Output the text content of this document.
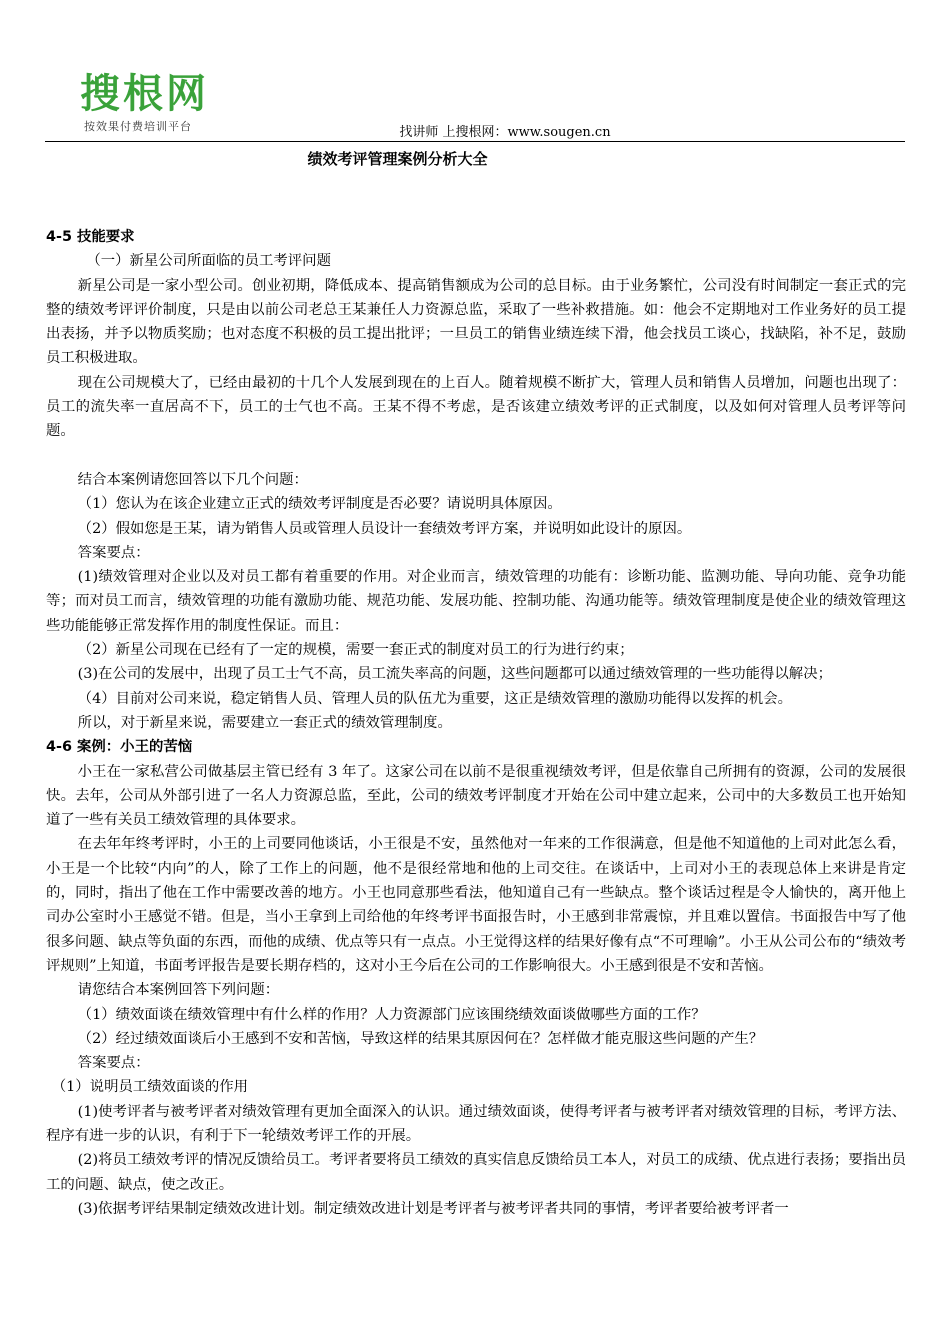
搜根网
按效果付费培训平台	找讲师 上搜根网：www.sougen.cn
绩效考评管理案例分析大全

4-5 技能要求

（一）新星公司所面临的员工考评问题

新星公司是一家小型公司。创业初期，降低成本、提高销售额成为公司的总目标。由于业务繁忙，公司没有时间制定一套正式的完整的绩效考评评价制度，只是由以前公司老总王某兼任人力资源总监，采取了一些补救措施。如：他会不定期地对工作业务好的员工提出表扬，并予以物质奖励；也对态度不积极的员工提出批评；一旦员工的销售业绩连续下滑，他会找员工谈心，找缺陷，补不足，鼓励员工积极进取。

现在公司规模大了，已经由最初的十几个人发展到现在的上百人。随着规模不断扩大，管理人员和销售人员增加，问题也出现了：员工的流失率一直居高不下，员工的士气也不高。王某不得不考虑，是否该建立绩效考评的正式制度，以及如何对管理人员考评等问题。

结合本案例请您回答以下几个问题：

（1）您认为在该企业建立正式的绩效考评制度是否必要？请说明具体原因。

（2）假如您是王某，请为销售人员或管理人员设计一套绩效考评方案，并说明如此设计的原因。

答案要点：

(1)绩效管理对企业以及对员工都有着重要的作用。对企业而言，绩效管理的功能有：诊断功能、监测功能、导向功能、竞争功能等；而对员工而言，绩效管理的功能有激励功能、规范功能、发展功能、控制功能、沟通功能等。绩效管理制度是使企业的绩效管理这些功能能够正常发挥作用的制度性保证。而且：

（2）新星公司现在已经有了一定的规模，需要一套正式的制度对员工的行为进行约束；

(3)在公司的发展中，出现了员工士气不高，员工流失率高的问题，这些问题都可以通过绩效管理的一些功能得以解决；

（4）目前对公司来说，稳定销售人员、管理人员的队伍尤为重要，这正是绩效管理的激励功能得以发挥的机会。

所以，对于新星来说，需要建立一套正式的绩效管理制度。

4-6 案例：小王的苦恼

小王在一家私营公司做基层主管已经有 3 年了。这家公司在以前不是很重视绩效考评，但是依靠自己所拥有的资源，公司的发展很快。去年，公司从外部引进了一名人力资源总监，至此，公司的绩效考评制度才开始在公司中建立起来，公司中的大多数员工也开始知道了一些有关员工绩效管理的具体要求。

在去年年终考评时，小王的上司要同他谈话，小王很是不安，虽然他对一年来的工作很满意，但是他不知道他的上司对此怎么看，小王是一个比较“内向”的人，除了工作上的问题，他不是很经常地和他的上司交往。在谈话中，上司对小王的表现总体上来讲是肯定的，同时，指出了他在工作中需要改善的地方。小王也同意那些看法，他知道自己有一些缺点。整个谈话过程是令人愉快的，离开他上司办公室时小王感觉不错。但是，当小王拿到上司给他的年终考评书面报告时，小王感到非常震惊，并且难以置信。书面报告中写了他很多问题、缺点等负面的东西，而他的成绩、优点等只有一点点。小王觉得这样的结果好像有点“不可理喻”。小王从公司公布的“绩效考评规则”上知道，书面考评报告是要长期存档的，这对小王今后在公司的工作影响很大。小王感到很是不安和苦恼。

请您结合本案例回答下列问题：

（1）绩效面谈在绩效管理中有什么样的作用？人力资源部门应该围绕绩效面谈做哪些方面的工作？

（2）经过绩效面谈后小王感到不安和苦恼，导致这样的结果其原因何在？怎样做才能克服这些问题的产生？

答案要点：

（1）说明员工绩效面谈的作用

(1)使考评者与被考评者对绩效管理有更加全面深入的认识。通过绩效面谈，使得考评者与被考评者对绩效管理的目标，考评方法、程序有进一步的认识，有利于下一轮绩效考评工作的开展。

(2)将员工绩效考评的情况反馈给员工。考评者要将员工绩效的真实信息反馈给员工本人，对员工的成绩、优点进行表扬；要指出员工的问题、缺点，使之改正。

(3)依据考评结果制定绩效改进计划。制定绩效改进计划是考评者与被考评者共同的事情，考评者要给被考评者一
